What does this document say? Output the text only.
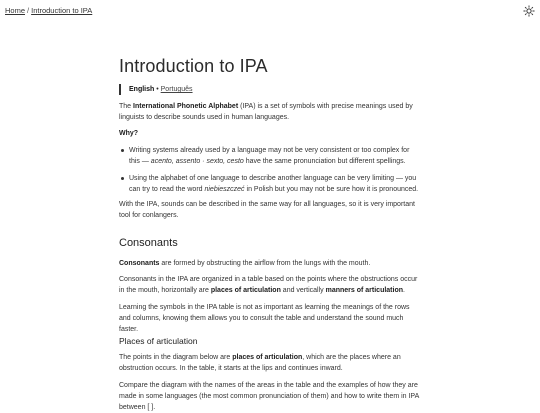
Home / Introduction to IPA
Introduction to IPA
English • Português

The International Phonetic Alphabet (IPA) is a set of symbols with precise meanings used by linguists to describe sounds used in human languages.

Why?

Writing systems already used by a language may not be very consistent or too complex for this — acento, assento · sexto, cesto have the same pronunciation but different spellings.
Using the alphabet of one language to describe another language can be very limiting — you can try to read the word niebieszczeć in Polish but you may not be sure how it is pronounced.

With the IPA, sounds can be described in the same way for all languages, so it is very important tool for conlangers.

Consonants

Consonants are formed by obstructing the airflow from the lungs with the mouth.

Consonants in the IPA are organized in a table based on the points where the obstructions occur in the mouth, horizontally are places of articulation and vertically manners of articulation.

Learning the symbols in the IPA table is not as important as learning the meanings of the rows and columns, knowing them allows you to consult the table and understand the sound much faster.

Places of articulation

The points in the diagram below are places of articulation, which are the places where an obstruction occurs. In the table, it starts at the lips and continues inward.

Compare the diagram with the names of the areas in the table and the examples of how they are made in some languages (the most common pronunciation of them) and how to write them in IPA between [ ].
